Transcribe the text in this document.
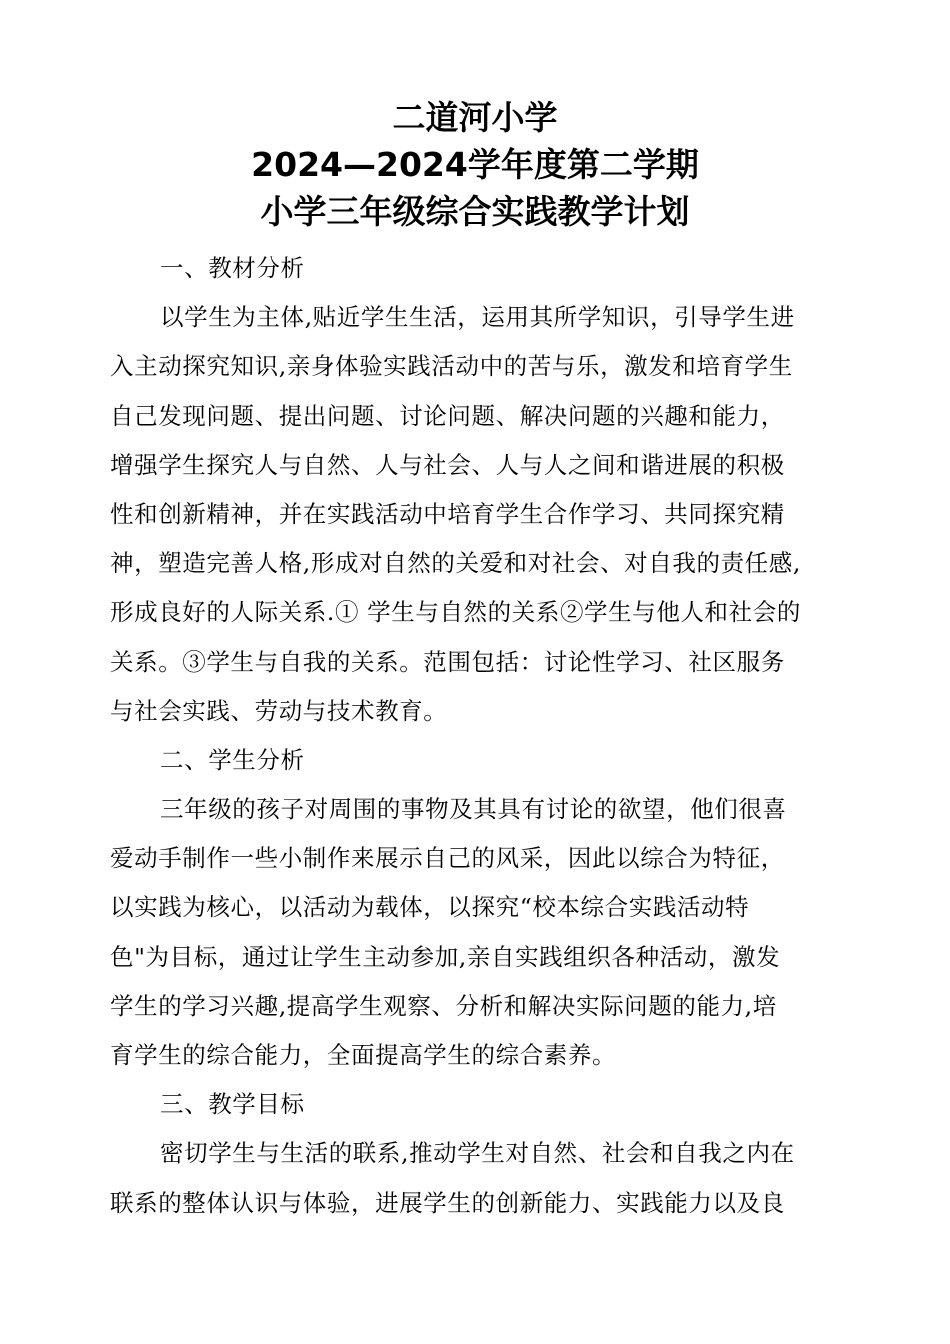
二道河小学
2024—2024学年度第二学期
小学三年级综合实践教学计划
一、教材分析
以学生为主体,贴近学生生活，运用其所学知识，引导学生进
入主动探究知识,亲身体验实践活动中的苦与乐，激发和培育学生
自己发现问题、提出问题、讨论问题、解决问题的兴趣和能力，
增强学生探究人与自然、人与社会、人与人之间和谐进展的积极
性和创新精神，并在实践活动中培育学生合作学习、共同探究精
神，塑造完善人格,形成对自然的关爱和对社会、对自我的责任感,
形成良好的人际关系.① 学生与自然的关系②学生与他人和社会的
关系。③学生与自我的关系。范围包括：讨论性学习、社区服务
与社会实践、劳动与技术教育。
二、学生分析
三年级的孩子对周围的事物及其具有讨论的欲望，他们很喜
爱动手制作一些小制作来展示自己的风采，因此以综合为特征，
以实践为核心，以活动为载体，以探究“校本综合实践活动特
色"为目标，通过让学生主动参加,亲自实践组织各种活动，激发
学生的学习兴趣,提高学生观察、分析和解决实际问题的能力,培
育学生的综合能力，全面提高学生的综合素养。
三、教学目标
密切学生与生活的联系,推动学生对自然、社会和自我之内在
联系的整体认识与体验，进展学生的创新能力、实践能力以及良
